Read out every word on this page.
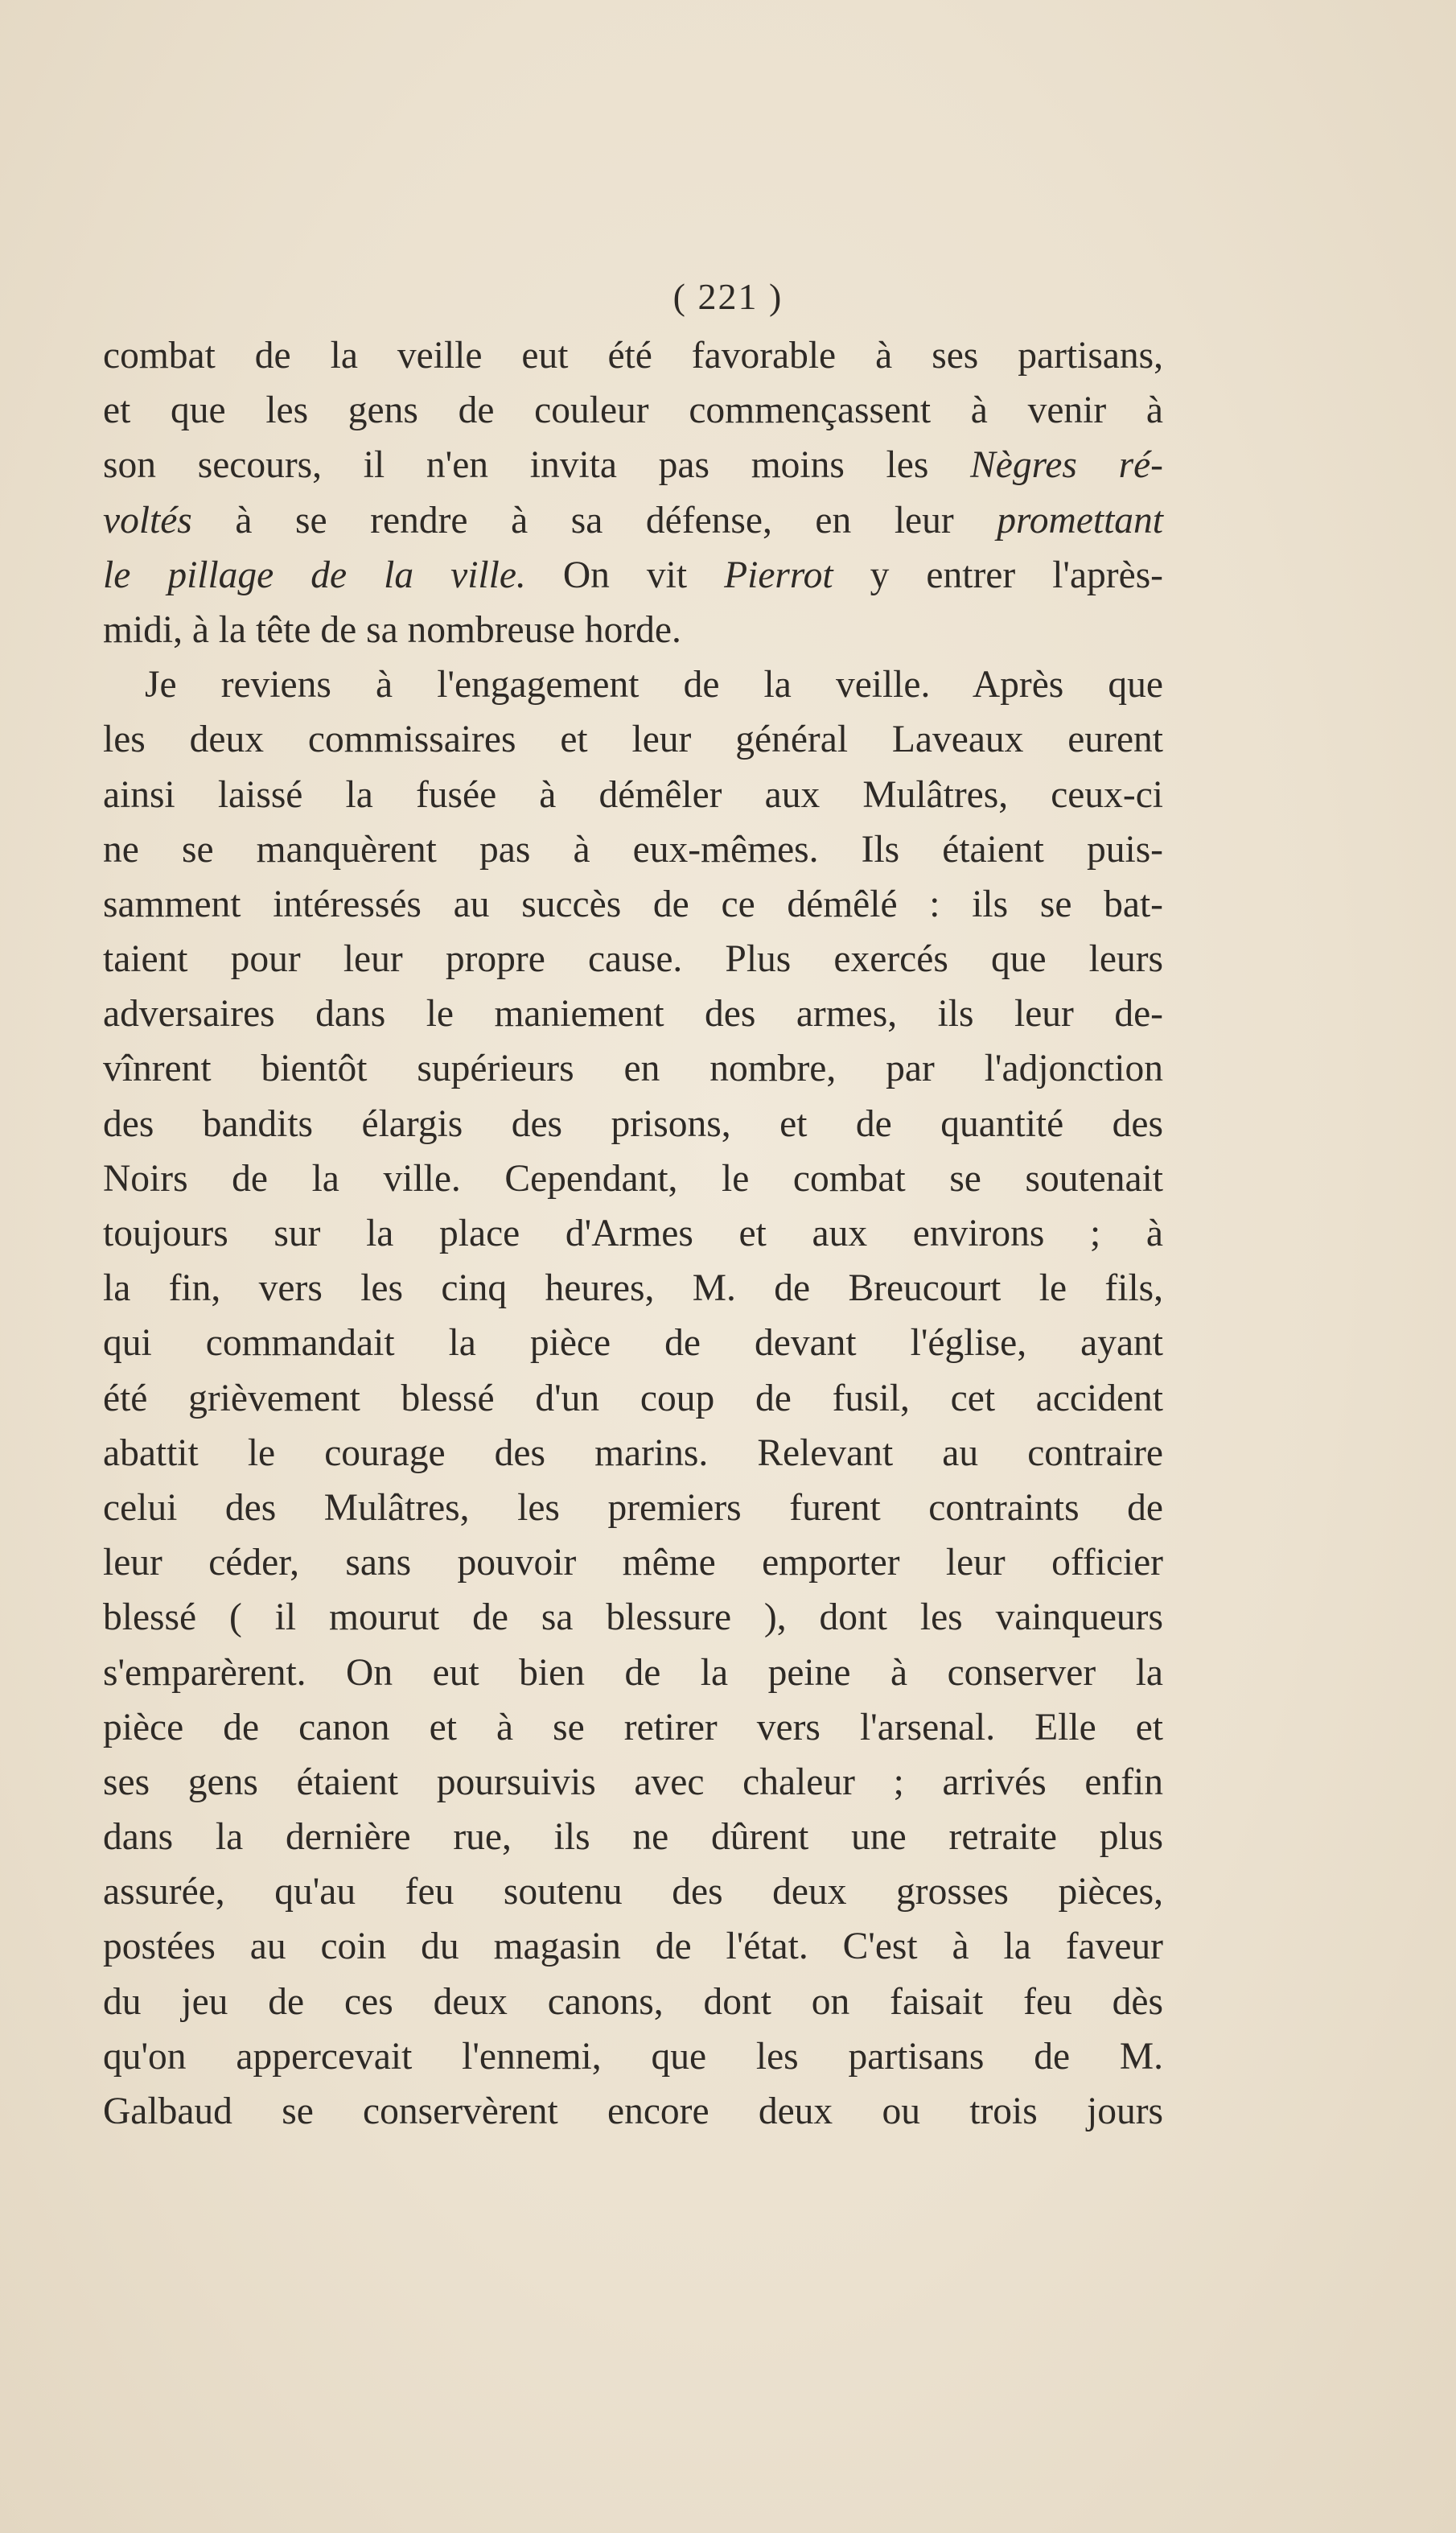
( 221 )
combat de la veille eut été favorable à ses partisans,
et que les gens de couleur commençassent à venir à
son secours, il n'en invita pas moins les Nègres ré-
voltés à se rendre à sa défense, en leur promettant
le pillage de la ville. On vit Pierrot y entrer l'après-
midi, à la tête de sa nombreuse horde.
Je reviens à l'engagement de la veille. Après que
les deux commissaires et leur général Laveaux eurent
ainsi laissé la fusée à démêler aux Mulâtres, ceux-ci
ne se manquèrent pas à eux-mêmes. Ils étaient puis-
samment intéressés au succès de ce démêlé : ils se bat-
taient pour leur propre cause. Plus exercés que leurs
adversaires dans le maniement des armes, ils leur de-
vînrent bientôt supérieurs en nombre, par l'adjonction
des bandits élargis des prisons, et de quantité des
Noirs de la ville. Cependant, le combat se soutenait
toujours sur la place d'Armes et aux environs ; à
la fin, vers les cinq heures, M. de Breucourt le fils,
qui commandait la pièce de devant l'église, ayant
été grièvement blessé d'un coup de fusil, cet accident
abattit le courage des marins. Relevant au contraire
celui des Mulâtres, les premiers furent contraints de
leur céder, sans pouvoir même emporter leur officier
blessé ( il mourut de sa blessure ), dont les vainqueurs
s'emparèrent. On eut bien de la peine à conserver la
pièce de canon et à se retirer vers l'arsenal. Elle et
ses gens étaient poursuivis avec chaleur ; arrivés enfin
dans la dernière rue, ils ne dûrent une retraite plus
assurée, qu'au feu soutenu des deux grosses pièces,
postées au coin du magasin de l'état. C'est à la faveur
du jeu de ces deux canons, dont on faisait feu dès
qu'on appercevait l'ennemi, que les partisans de M.
Galbaud se conservèrent encore deux ou trois jours
